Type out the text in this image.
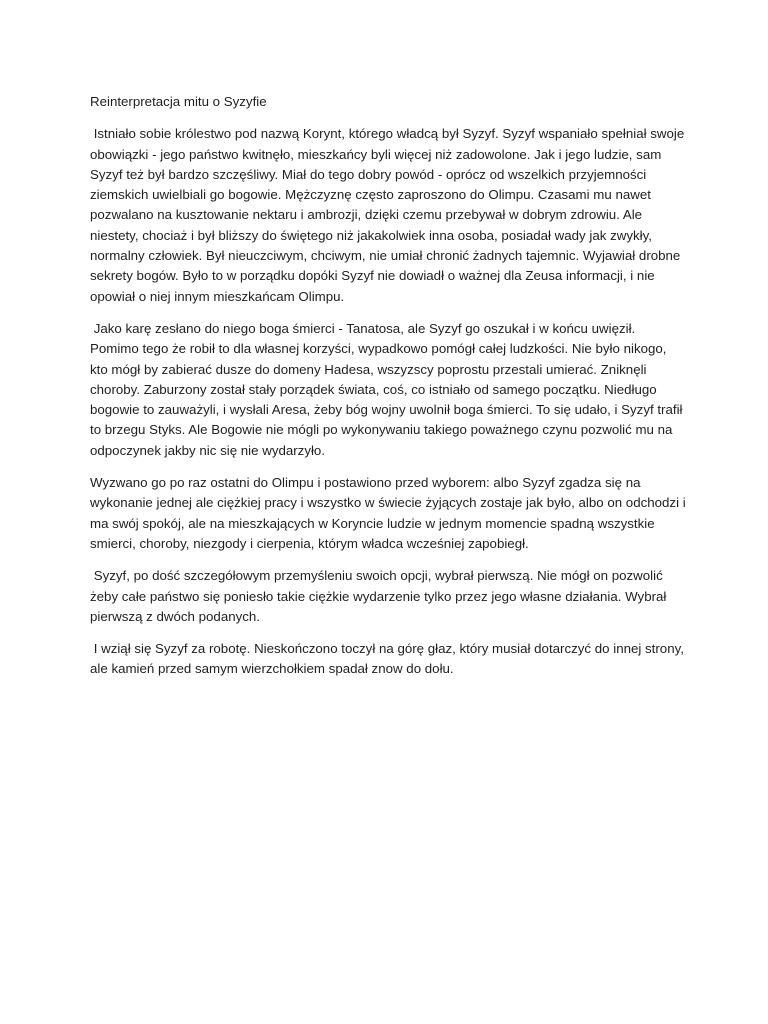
Reinterpretacja mitu o Syzyfie

Istniało sobie królestwo pod nazwą Korynt, którego władcą był Syzyf. Syzyf wspaniało spełniał swoje obowiązki - jego państwo kwitnęło, mieszkańcy byli więcej niż zadowolone. Jak i jego ludzie, sam Syzyf też był bardzo szczęśliwy. Miał do tego dobry powód - oprócz od wszelkich przyjemności ziemskich uwielbiali go bogowie. Mężczyznę często zaproszono do Olimpu. Czasami mu nawet pozwalano na kusztowanie nektaru i ambrozji, dzięki czemu przebywał w dobrym zdrowiu. Ale niestety, chociaż i był bliższy do świętego niż jakakolwiek inna osoba, posiadał wady jak zwykły, normalny człowiek. Był nieuczciwym, chciwym, nie umiał chronić żadnych tajemnic. Wyjawiał drobne sekrety bogów. Było to w porządku dopóki Syzyf nie dowiadł o ważnej dla Zeusa informacji, i nie opowiał o niej innym mieszkańcam Olimpu.

Jako karę zesłano do niego boga śmierci - Tanatosa, ale Syzyf go oszukał i w końcu uwięził. Pomimo tego że robił to dla własnej korzyści, wypadkowo pomógł całej ludzkości. Nie było nikogo, kto mógł by zabierać dusze do domeny Hadesa, wszyzscy poprostu przestali umierać. Zniknęli choroby. Zaburzony został stały porządek świata, coś, co istniało od samego początku. Niedługo bogowie to zauważyli, i wysłali Aresa, żeby bóg wojny uwolnił boga śmierci. To się udało, i Syzyf trafił to brzegu Styks. Ale Bogowie nie mógli po wykonywaniu takiego poważnego czynu pozwolić mu na odpoczynek jakby nic się nie wydarzyło.

Wyzwano go po raz ostatni do Olimpu i postawiono przed wyborem: albo Syzyf zgadza się na wykonanie jednej ale ciężkiej pracy i wszystko w świecie żyjących zostaje jak było, albo on odchodzi i ma swój spokój, ale na mieszkających w Koryncie ludzie w jednym momencie spadną wszystkie smierci, choroby, niezgody i cierpenia, którym władca wcześniej zapobiegł.

Syzyf, po dość szczegółowym przemyśleniu swoich opcji, wybrał pierwszą. Nie mógł on pozwolić żeby całe państwo się poniesło takie ciężkie wydarzenie tylko przez jego własne działania. Wybrał pierwszą z dwóch podanych.

I wziął się Syzyf za robotę. Nieskończono toczył na górę głaz, który musiał dotarczyć do innej strony, ale kamień przed samym wierzchołkiem spadał znow do dołu.
